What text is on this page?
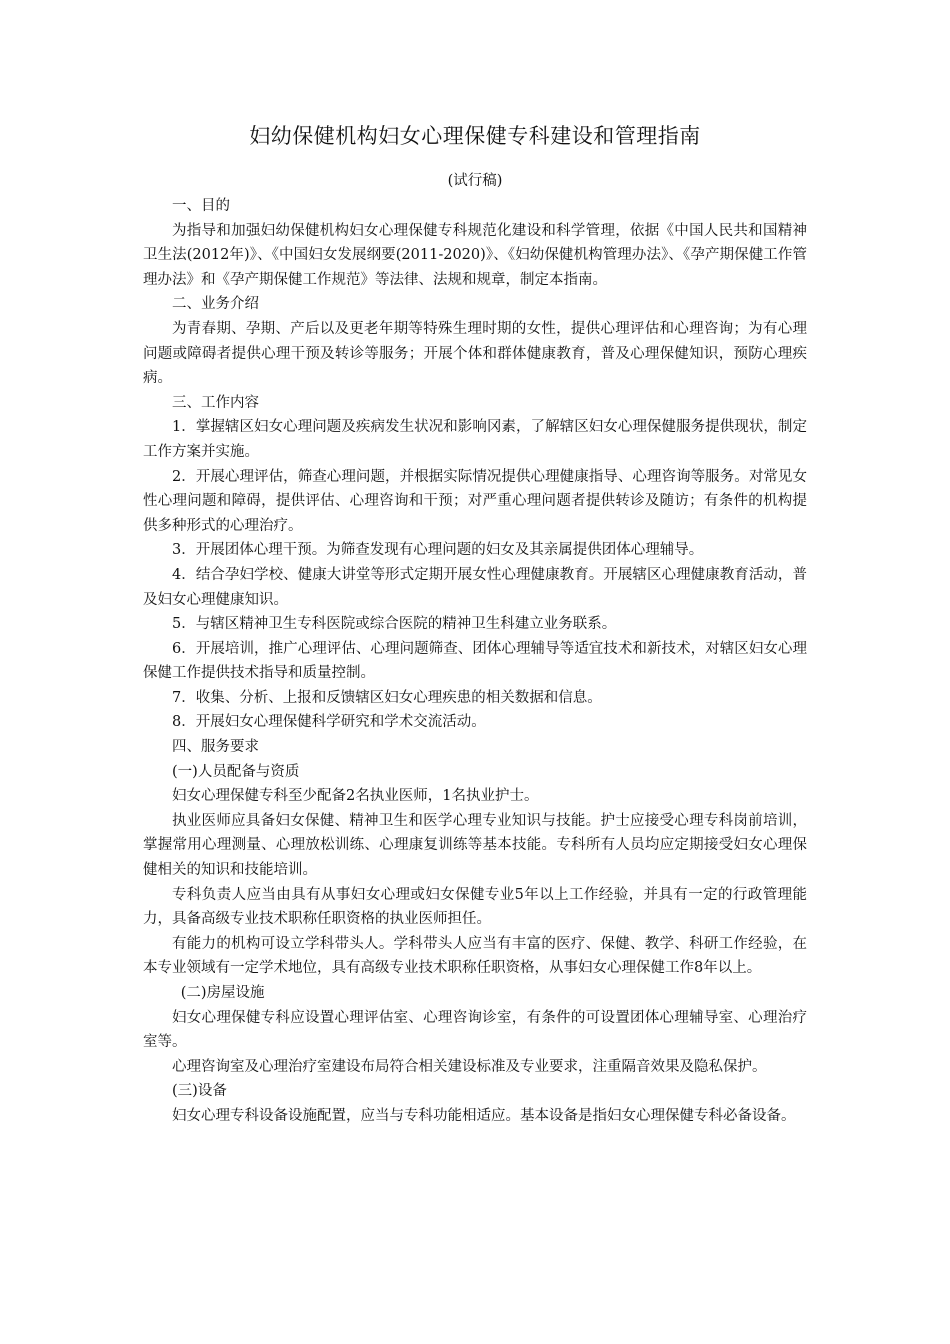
妇幼保健机构妇女心理保健专科建设和管理指南
(试行稿)

一、目的

为指导和加强妇幼保健机构妇女心理保健专科规范化建设和科学管理，依据《中国人民共和国精神卫生法(2012年)》、《中国妇女发展纲要(2011-2020)》、《妇幼保健机构管理办法》、《孕产期保健工作管理办法》和《孕产期保健工作规范》等法律、法规和规章，制定本指南。

二、业务介绍

为青春期、孕期、产后以及更老年期等特殊生理时期的女性，提供心理评估和心理咨询；为有心理问题或障碍者提供心理干预及转诊等服务；开展个体和群体健康教育，普及心理保健知识，预防心理疾病。

三、工作内容

1．掌握辖区妇女心理问题及疾病发生状况和影响冈素，了解辖区妇女心理保健服务提供现状，制定工作方案并实施。

2．开展心理评估，筛查心理问题，并根据实际情况提供心理健康指导、心理咨询等服务。对常见女性心理问题和障碍，提供评估、心理咨询和干预；对严重心理问题者提供转诊及随访；有条件的机构提供多种形式的心理治疗。

3．开展团体心理干预。为筛查发现有心理问题的妇女及其亲属提供团体心理辅导。

4．结合孕妇学校、健康大讲堂等形式定期开展女性心理健康教育。开展辖区心理健康教育活动，普及妇女心理健康知识。

5．与辖区精神卫生专科医院或综合医院的精神卫生科建立业务联系。

6．开展培训，推广心理评估、心理问题筛查、团体心理辅导等适宜技术和新技术，对辖区妇女心理保健工作提供技术指导和质量控制。

7．收集、分析、上报和反馈辖区妇女心理疾患的相关数据和信息。

8．开展妇女心理保健科学研究和学术交流活动。

四、服务要求

(一)人员配备与资质

妇女心理保健专科至少配备2名执业医师，1名执业护士。

执业医师应具备妇女保健、精神卫生和医学心理专业知识与技能。护士应接受心理专科岗前培训，掌握常用心理测量、心理放松训练、心理康复训练等基本技能。专科所有人员均应定期接受妇女心理保健相关的知识和技能培训。

专科负责人应当由具有从事妇女心理或妇女保健专业5年以上工作经验，并具有一定的行政管理能力，具备高级专业技术职称任职资格的执业医师担任。

有能力的机构可设立学科带头人。学科带头人应当有丰富的医疗、保健、教学、科研工作经验，在本专业领域有一定学术地位，具有高级专业技术职称任职资格，从事妇女心理保健工作8年以上。

(二)房屋设施

妇女心理保健专科应设置心理评估室、心理咨询诊室，有条件的可设置团体心理辅导室、心理治疗室等。

心理咨询室及心理治疗室建设布局符合相关建设标准及专业要求，注重隔音效果及隐私保护。

(三)设备

妇女心理专科设备设施配置，应当与专科功能相适应。基本设备是指妇女心理保健专科必备设备。
